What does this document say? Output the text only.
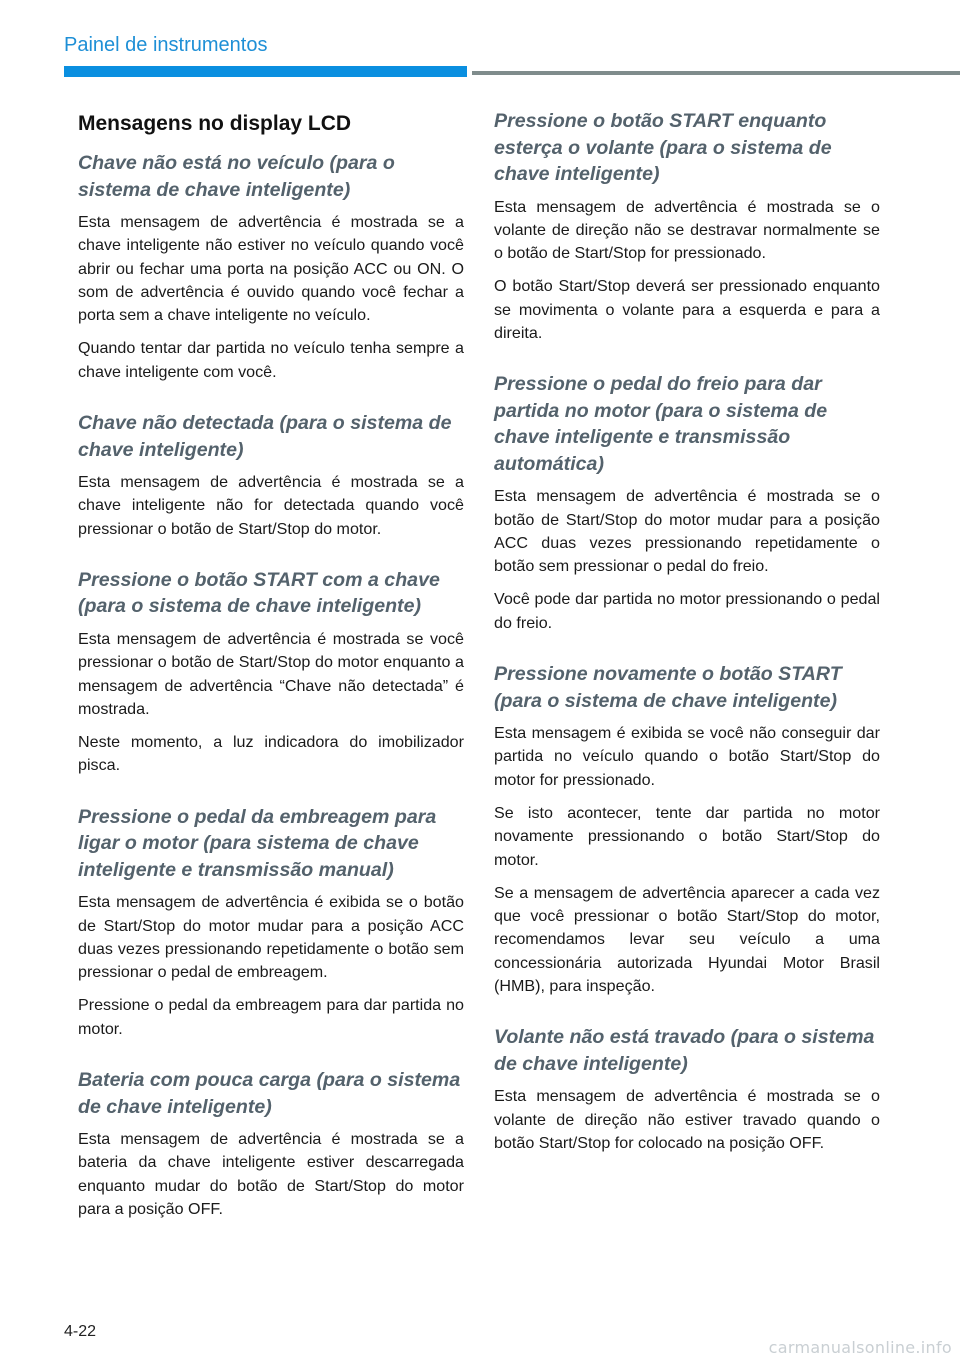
Painel de instrumentos
Mensagens no display LCD
Chave não está no veículo (para o sistema de chave inteligente)

Esta mensagem de advertência é mostrada se a chave inteligente não estiver no veículo quando você abrir ou fechar uma porta na posição ACC ou ON. O som de advertência é ouvido quando você fechar a porta sem a chave inteligente no veículo.

Quando tentar dar partida no veículo tenha sempre a chave inteligente com você.

Chave não detectada (para o sistema de chave inteligente)

Esta mensagem de advertência é mostrada se a chave inteligente não for detectada quando você pressionar o botão de Start/Stop do motor.

Pressione o botão START com a chave (para o sistema de chave inteligente)

Esta mensagem de advertência é mostrada se você pressionar o botão de Start/Stop do motor enquanto a mensagem de advertência “Chave não detectada” é mostrada.

Neste momento, a luz indicadora do imobilizador pisca.

Pressione o pedal da embreagem para ligar o motor (para sistema de chave inteligente e transmissão manual)

Esta mensagem de advertência é exibida se o botão de Start/Stop do motor mudar para a posição ACC duas vezes pressionando repetidamente o botão sem pressionar o pedal de embreagem.

Pressione o pedal da embreagem para dar partida no motor.

Bateria com pouca carga (para o sistema de chave inteligente)

Esta mensagem de advertência é mostrada se a bateria da chave inteligente estiver descarregada enquanto mudar do botão de Start/Stop do motor para a posição OFF.

Pressione o botão START enquanto esterça o volante (para o sistema de chave inteligente)

Esta mensagem de advertência é mostrada se o volante de direção não se destravar normalmente se o botão de Start/Stop for pressionado.

O botão Start/Stop deverá ser pressionado enquanto se movimenta o volante para a esquerda e para a direita.

Pressione o pedal do freio para dar partida no motor (para o sistema de chave inteligente e transmissão automática)

Esta mensagem de advertência é mostrada se o botão de Start/Stop do motor mudar para a posição ACC duas vezes pressionando repetidamente o botão sem pressionar o pedal do freio.

Você pode dar partida no motor pressionando o pedal do freio.

Pressione novamente o botão START (para o sistema de chave inteligente)

Esta mensagem é exibida se você não conseguir dar partida no veículo quando o botão Start/Stop do motor for pressionado.

Se isto acontecer, tente dar partida no motor novamente pressionando o botão Start/Stop do motor.

Se a mensagem de advertência aparecer a cada vez que você pressionar o botão Start/Stop do motor, recomendamos levar seu veículo a uma concessionária autorizada Hyundai Motor Brasil (HMB), para inspeção.

Volante não está travado (para o sistema de chave inteligente)

Esta mensagem de advertência é mostrada se o volante de direção não estiver travado quando o botão Start/Stop for colocado na posição OFF.

4-22
carmanualsonline.info
